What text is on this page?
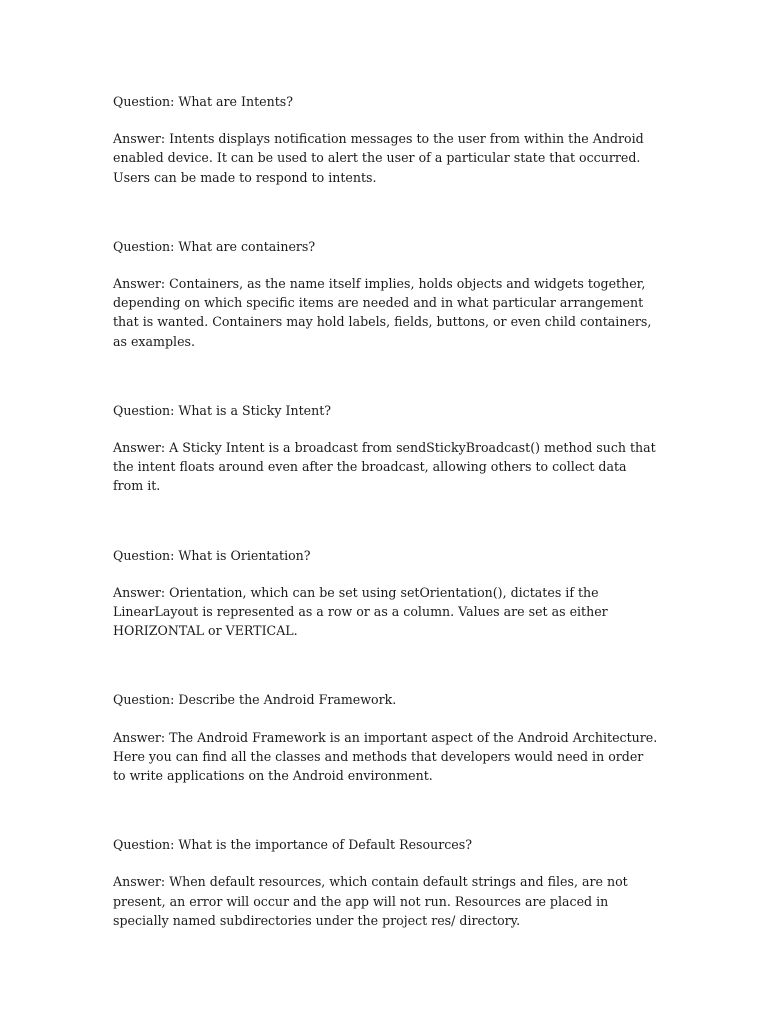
Question: What are Intents?

Answer: Intents displays notification messages to the user from within the Android enabled device. It can be used to alert the user of a particular state that occurred. Users can be made to respond to intents.

Question: What are containers?

Answer: Containers, as the name itself implies, holds objects and widgets together, depending on which specific items are needed and in what particular arrangement that is wanted. Containers may hold labels, fields, buttons, or even child containers, as examples.

Question: What is a Sticky Intent?

Answer: A Sticky Intent is a broadcast from sendStickyBroadcast() method such that the intent floats around even after the broadcast, allowing others to collect data from it.

Question: What is Orientation?

Answer: Orientation, which can be set using setOrientation(), dictates if the LinearLayout is represented as a row or as a column. Values are set as either HORIZONTAL or VERTICAL.

Question: Describe the Android Framework.

Answer: The Android Framework is an important aspect of the Android Architecture. Here you can find all the classes and methods that developers would need in order to write applications on the Android environment.

Question: What is the importance of Default Resources?

Answer: When default resources, which contain default strings and files, are not present, an error will occur and the app will not run. Resources are placed in specially named subdirectories under the project res/ directory.
